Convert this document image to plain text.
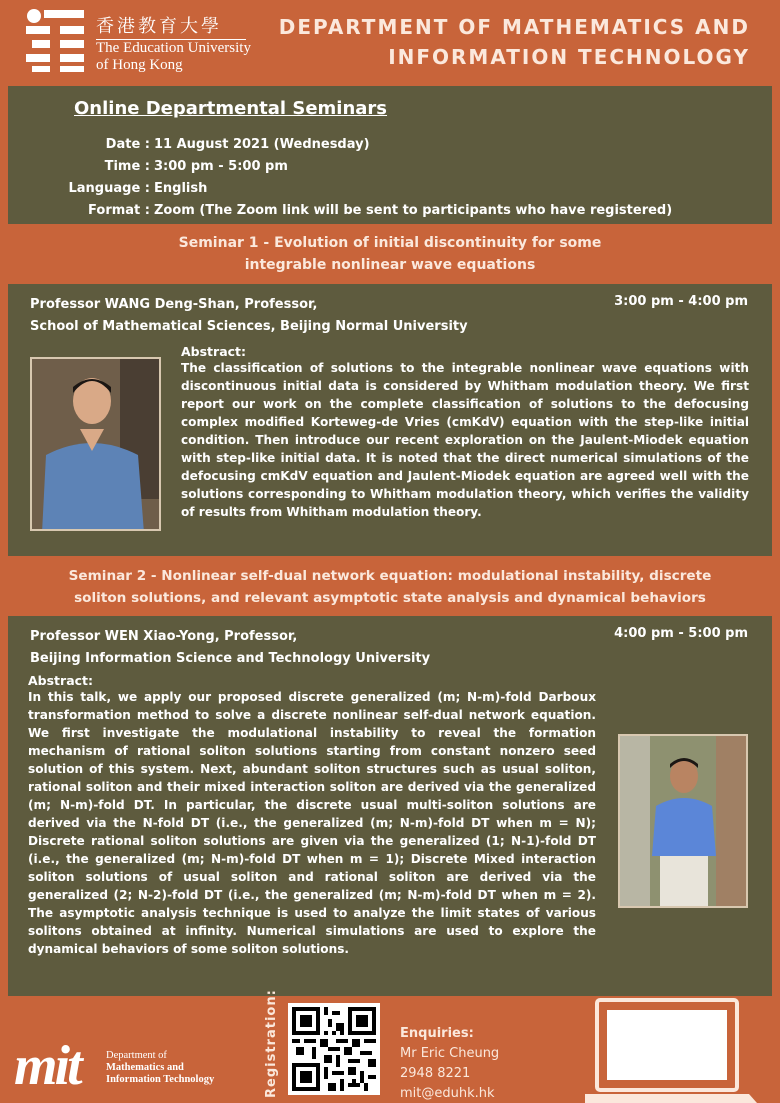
香港教育大學
The Education University
of Hong Kong
DEPARTMENT OF MATHEMATICS AND
INFORMATION TECHNOLOGY
Online Departmental Seminars
Date : 11 August 2021 (Wednesday)
Time : 3:00 pm - 5:00 pm
Language : English
Format : Zoom (The Zoom link will be sent to participants who have registered)
Seminar 1 - Evolution of initial discontinuity for some
integrable nonlinear wave equations
Professor WANG Deng-Shan, Professor,
School of Mathematical Sciences, Beijing Normal University
3:00 pm - 4:00 pm
Abstract:
The classification of solutions to the integrable nonlinear wave equations with discontinuous initial data is considered by Whitham modulation theory. We first report our work on the complete classification of solutions to the defocusing complex modified Korteweg-de Vries (cmKdV) equation with the step-like initial condition. Then introduce our recent exploration on the Jaulent-Miodek equation with step-like initial data. It is noted that the direct numerical simulations of the defocusing cmKdV equation and Jaulent-Miodek equation are agreed well with the solutions corresponding to Whitham modulation theory, which verifies the validity of results from Whitham modulation theory.
Seminar 2 - Nonlinear self-dual network equation: modulational instability, discrete
soliton solutions, and relevant asymptotic state analysis and dynamical behaviors
Professor WEN Xiao-Yong, Professor,
Beijing Information Science and Technology University
4:00 pm - 5:00 pm
Abstract:
In this talk, we apply our proposed discrete generalized (m; N-m)-fold Darboux transformation method to solve a discrete nonlinear self-dual network equation. We first investigate the modulational instability to reveal the formation mechanism of rational soliton solutions starting from constant nonzero seed solution of this system. Next, abundant soliton structures such as usual soliton, rational soliton and their mixed interaction soliton are derived via the generalized (m; N-m)-fold DT. In particular, the discrete usual multi-soliton solutions are derived via the N-fold DT (i.e., the generalized (m; N-m)-fold DT when m = N); Discrete rational soliton solutions are given via the generalized (1; N-1)-fold DT (i.e., the generalized (m; N-m)-fold DT when m = 1); Discrete Mixed interaction soliton solutions of usual soliton and rational soliton are derived via the generalized (2; N-2)-fold DT (i.e., the generalized (m; N-m)-fold DT when m = 2). The asymptotic analysis technique is used to analyze the limit states of various solitons obtained at infinity. Numerical simulations are used to explore the dynamical behaviors of some soliton solutions.
mit	Department of
Mathematics and
Information Technology	Registration:	Enquiries:
Mr Eric Cheung
2948 8221
mit@eduhk.hk
